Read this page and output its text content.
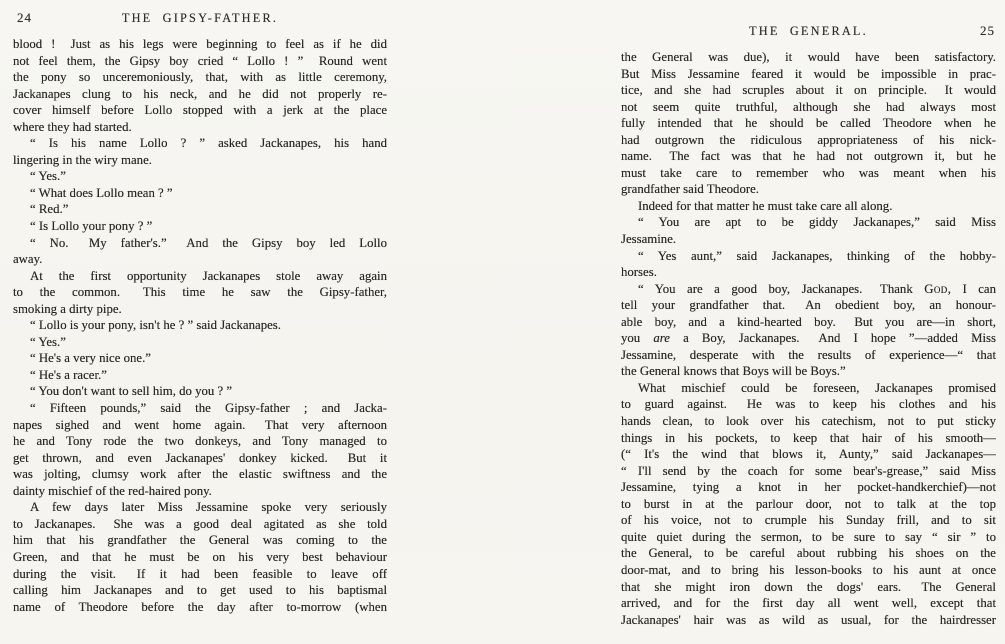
24	THE GIPSY-FATHER.
blood !  Just as his legs were beginning to feel as if he did
not feel them, the Gipsy boy cried “ Lollo ! ”  Round went
the pony so unceremoniously, that, with as little ceremony,
Jackanapes clung to his neck, and he did not properly re-
cover himself before Lollo stopped with a jerk at the place
where they had started.
“ Is his name Lollo ? ” asked Jackanapes, his hand
lingering in the wiry mane.
“ Yes.”
“ What does Lollo mean ? ”
“ Red.”
“ Is Lollo your pony ? ”
“ No.  My father's.”  And the Gipsy boy led Lollo
away.
At the first opportunity Jackanapes stole away again
to the common.  This time he saw the Gipsy-father,
smoking a dirty pipe.
“ Lollo is your pony, isn't he ? ” said Jackanapes.
“ Yes.”
“ He's a very nice one.”
“ He's a racer.”
“ You don't want to sell him, do you ? ”
“ Fifteen pounds,” said the Gipsy-father ; and Jacka-
napes sighed and went home again.  That very afternoon
he and Tony rode the two donkeys, and Tony managed to
get thrown, and even Jackanapes' donkey kicked.  But it
was jolting, clumsy work after the elastic swiftness and the
dainty mischief of the red-haired pony.
A few days later Miss Jessamine spoke very seriously
to Jackanapes.  She was a good deal agitated as she told
him that his grandfather the General was coming to the
Green, and that he must be on his very best behaviour
during the visit.  If it had been feasible to leave off
calling him Jackanapes and to get used to his baptismal
name of Theodore before the day after to-morrow (when
THE GENERAL.	25
the General was due), it would have been satisfactory.
But Miss Jessamine feared it would be impossible in prac-
tice, and she had scruples about it on principle.  It would
not seem quite truthful, although she had always most
fully intended that he should be called Theodore when he
had outgrown the ridiculous appropriateness of his nick-
name.  The fact was that he had not outgrown it, but he
must take care to remember who was meant when his
grandfather said Theodore.
Indeed for that matter he must take care all along.
“ You are apt to be giddy Jackanapes,” said Miss
Jessamine.
“ Yes aunt,” said Jackanapes, thinking of the hobby-
horses.
“ You are a good boy, Jackanapes.  Thank God, I can
tell your grandfather that.  An obedient boy, an honour-
able boy, and a kind-hearted boy.  But you are—in short,
you are a Boy, Jackanapes.  And I hope ”—added Miss
Jessamine, desperate with the results of experience—“ that
the General knows that Boys will be Boys.”
What mischief could be foreseen, Jackanapes promised
to guard against.  He was to keep his clothes and his
hands clean, to look over his catechism, not to put sticky
things in his pockets, to keep that hair of his smooth—
(“ It's the wind that blows it, Aunty,” said Jackanapes—
“ I'll send by the coach for some bear's-grease,” said Miss
Jessamine, tying a knot in her pocket-handkerchief)—not
to burst in at the parlour door, not to talk at the top
of his voice, not to crumple his Sunday frill, and to sit
quite quiet during the sermon, to be sure to say “ sir ” to
the General, to be careful about rubbing his shoes on the
door-mat, and to bring his lesson-books to his aunt at once
that she might iron down the dogs' ears.  The General
arrived, and for the first day all went well, except that
Jackanapes' hair was as wild as usual, for the hairdresser
